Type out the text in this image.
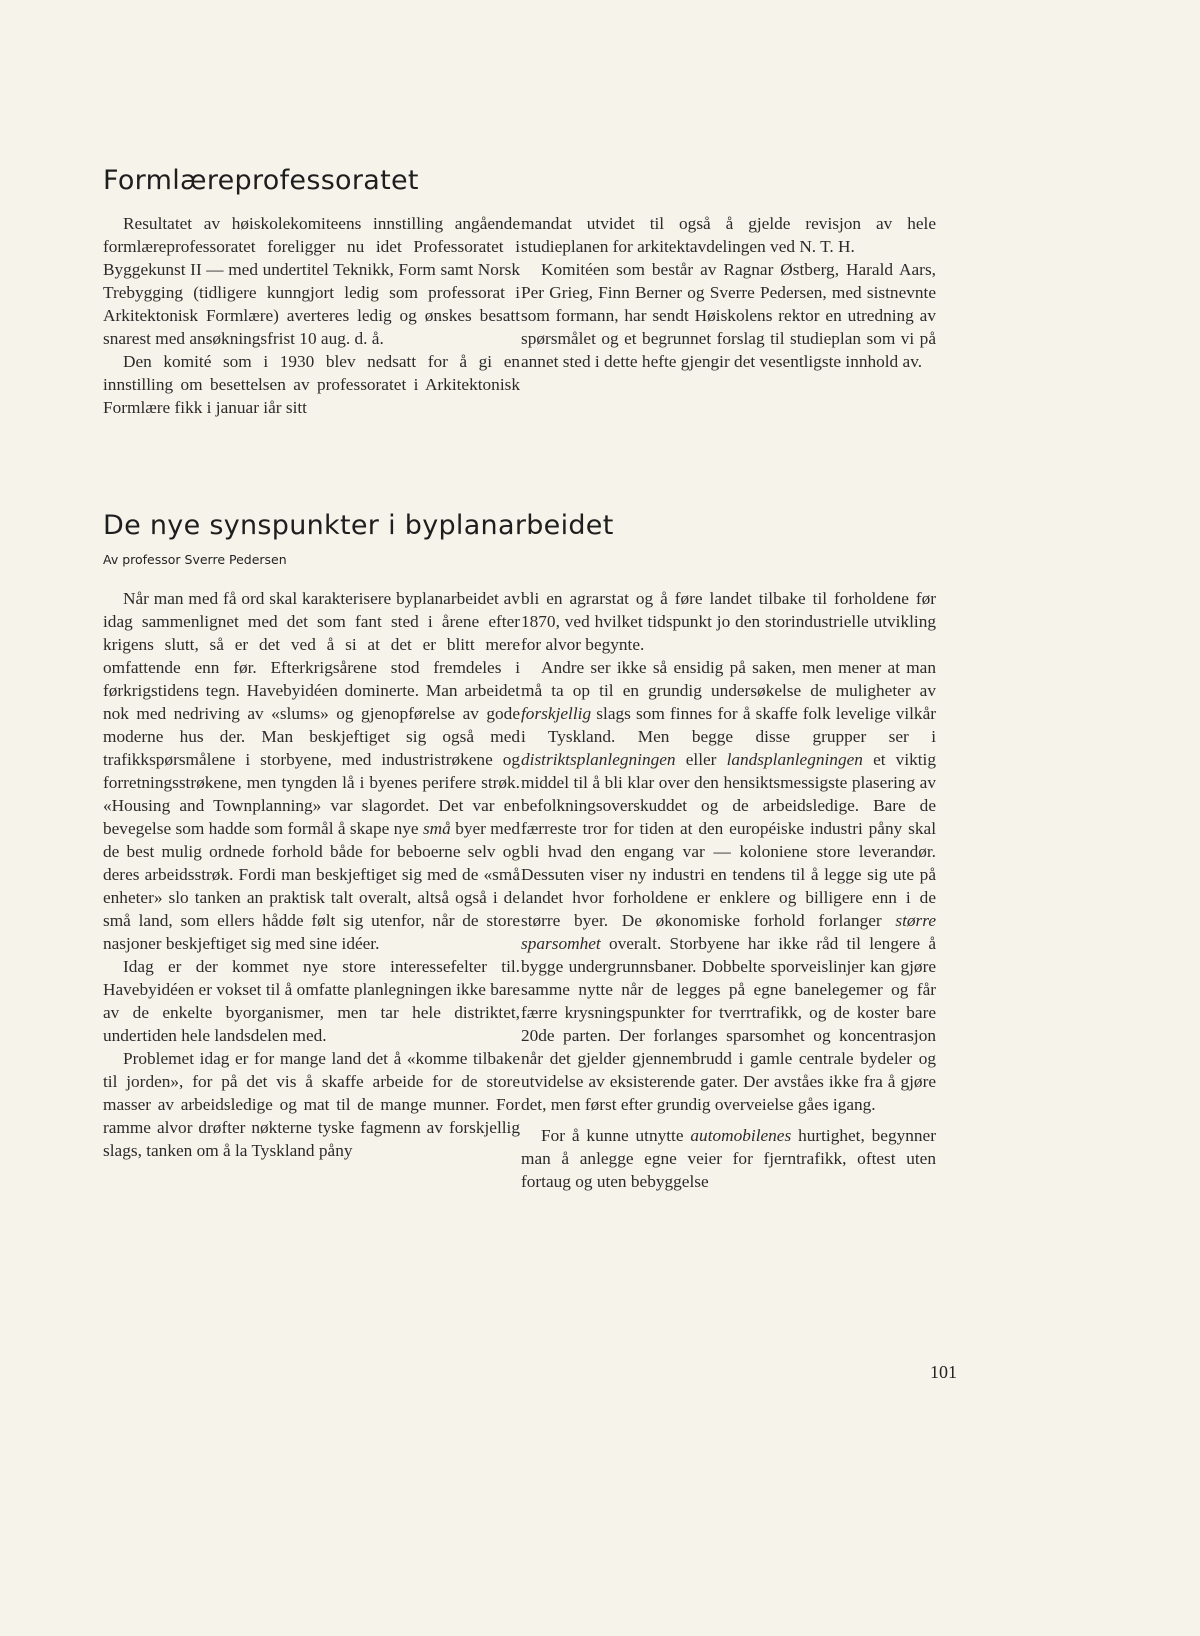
Formlæreprofessoratet

Resultatet av høiskolekomiteens innstilling angående formlæreprofessoratet foreligger nu idet Professoratet i Byggekunst II — med undertitel Teknikk, Form samt Norsk Trebygging (tidligere kunngjort ledig som professorat i Arkitektonisk Formlære) averteres ledig og ønskes besatt snarest med ansøkningsfrist 10 aug. d. å.

Den komité som i 1930 blev nedsatt for å gi en innstilling om besettelsen av professoratet i Arkitektonisk Formlære fikk i januar iår sitt

mandat utvidet til også å gjelde revisjon av hele studieplanen for arkitektavdelingen ved N. T. H.

Komitéen som består av Ragnar Østberg, Harald Aars, Per Grieg, Finn Berner og Sverre Pedersen, med sistnevnte som formann, har sendt Høiskolens rektor en utredning av spørsmålet og et begrunnet forslag til studieplan som vi på annet sted i dette hefte gjengir det vesentligste innhold av.

De nye synspunkter i byplanarbeidet
Av professor Sverre Pedersen

Når man med få ord skal karakterisere byplanarbeidet av idag sammenlignet med det som fant sted i årene efter krigens slutt, så er det ved å si at det er blitt mere omfattende enn før. Efterkrigsårene stod fremdeles i førkrigstidens tegn. Havebyidéen dominerte. Man arbeidet nok med nedriving av «slums» og gjenopførelse av gode moderne hus der. Man beskjeftiget sig også med trafikkspørsmålene i storbyene, med industristrøkene og forretningsstrøkene, men tyngden lå i byenes perifere strøk. «Housing and Townplanning» var slagordet. Det var en bevegelse som hadde som formål å skape nye små byer med de best mulig ordnede forhold både for beboerne selv og deres arbeidsstrøk. Fordi man beskjeftiget sig med de «små enheter» slo tanken an praktisk talt overalt, altså også i de små land, som ellers hådde følt sig utenfor, når de store nasjoner beskjeftiget sig med sine idéer.

Idag er der kommet nye store interessefelter til. Havebyidéen er vokset til å omfatte planlegningen ikke bare av de enkelte byorganismer, men tar hele distriktet, undertiden hele landsdelen med.

Problemet idag er for mange land det å «komme tilbake til jorden», for på det vis å skaffe arbeide for de store masser av arbeidsledige og mat til de mange munner. For ramme alvor drøfter nøkterne tyske fagmenn av forskjellig slags, tanken om å la Tyskland påny

bli en agrarstat og å føre landet tilbake til forholdene før 1870, ved hvilket tidspunkt jo den storindustrielle utvikling for alvor begynte.

Andre ser ikke så ensidig på saken, men mener at man må ta op til en grundig undersøkelse de muligheter av forskjellig slags som finnes for å skaffe folk levelige vilkår i Tyskland. Men begge disse grupper ser i distriktsplanlegningen eller landsplanlegningen et viktig middel til å bli klar over den hensiktsmessigste plasering av befolkningsoverskuddet og de arbeidsledige. Bare de færreste tror for tiden at den européiske industri påny skal bli hvad den engang var — koloniene store leverandør. Dessuten viser ny industri en tendens til å legge sig ute på landet hvor forholdene er enklere og billigere enn i de større byer. De økonomiske forhold forlanger større sparsomhet overalt. Storbyene har ikke råd til lengere å bygge undergrunnsbaner. Dobbelte sporveislinjer kan gjøre samme nytte når de legges på egne banelegemer og får færre krysningspunkter for tverrtrafikk, og de koster bare 20de parten. Der forlanges sparsomhet og koncentrasjon når det gjelder gjennembrudd i gamle centrale bydeler og utvidelse av eksisterende gater. Der avståes ikke fra å gjøre det, men først efter grundig overveielse gåes igang.

For å kunne utnytte automobilenes hurtighet, begynner man å anlegge egne veier for fjerntrafikk, oftest uten fortaug og uten bebyggelse

101
